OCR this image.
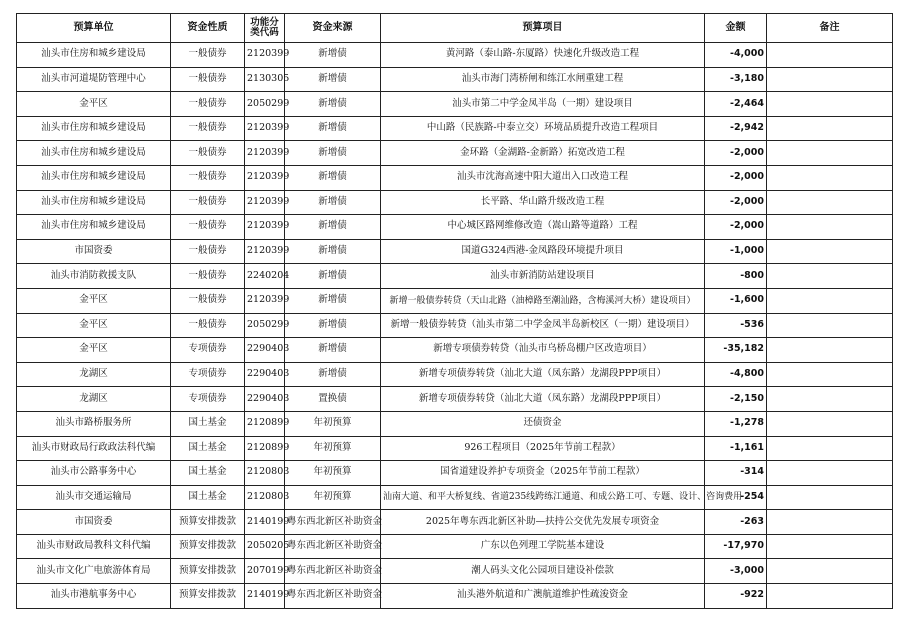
预算单位	资金性质	功能分类代码	资金来源	预算项目	金额	备注
汕头市住房和城乡建设局	一般债券	2120399	新增债	黄河路（泰山路-东厦路）快速化升级改造工程	-4,000	
汕头市河道堤防管理中心	一般债券	2130305	新增债	汕头市海门湾桥闸和练江水闸重建工程	-3,180	
金平区	一般债券	2050299	新增债	汕头市第二中学金凤半岛（一期）建设项目	-2,464	
汕头市住房和城乡建设局	一般债券	2120399	新增债	中山路（民族路-中泰立交）环境品质提升改造工程项目	-2,942	
汕头市住房和城乡建设局	一般债券	2120399	新增债	金环路（金湖路-金新路）拓宽改造工程	-2,000	
汕头市住房和城乡建设局	一般债券	2120399	新增债	汕头市沈海高速中阳大道出入口改造工程	-2,000	
汕头市住房和城乡建设局	一般债券	2120399	新增债	长平路、华山路升级改造工程	-2,000	
汕头市住房和城乡建设局	一般债券	2120399	新增债	中心城区路网维修改造（嵩山路等道路）工程	-2,000	
市国资委	一般债券	2120399	新增债	国道G324西港-金凤路段环境提升项目	-1,000	
汕头市消防救援支队	一般债券	2240204	新增债	汕头市新消防站建设项目	-800	
金平区	一般债券	2120399	新增债	新增一般债券转贷（天山北路（油樟路至潮汕路，含梅溪河大桥）建设项目）	-1,600	
金平区	一般债券	2050299	新增债	新增一般债券转贷（汕头市第二中学金凤半岛新校区（一期）建设项目）	-536	
金平区	专项债券	2290403	新增债	新增专项债券转贷（汕头市乌桥岛棚户区改造项目）	-35,182	
龙湖区	专项债券	2290403	新增债	新增专项债券转贷（汕北大道（凤东路）龙湖段PPP项目）	-4,800	
龙湖区	专项债券	2290403	置换债	新增专项债券转贷（汕北大道（凤东路）龙湖段PPP项目）	-2,150	
汕头市路桥服务所	国土基金	2120899	年初预算	还债资金	-1,278	
汕头市财政局行政政法科代编	国土基金	2120899	年初预算	926工程项目（2025年节前工程款）	-1,161	
汕头市公路事务中心	国土基金	2120803	年初预算	国省道建设养护专项资金（2025年节前工程款）	-314	
汕头市交通运输局	国土基金	2120803	年初预算	汕南大道、和平大桥复线、省道235线跨练江通道、和成公路工可、专题、设计、咨询费用	-254	
市国资委	预算安排拨款	2140199	粤东西北新区补助资金	2025年粤东西北新区补助—扶持公交优先发展专项资金	-263	
汕头市财政局教科文科代编	预算安排拨款	2050205	粤东西北新区补助资金	广东以色列理工学院基本建设	-17,970	
汕头市文化广电旅游体育局	预算安排拨款	2070199	粤东西北新区补助资金	潮人码头文化公园项目建设补偿款	-3,000	
汕头市港航事务中心	预算安排拨款	2140199	粤东西北新区补助资金	汕头港外航道和广澳航道维护性疏浚资金	-922	
